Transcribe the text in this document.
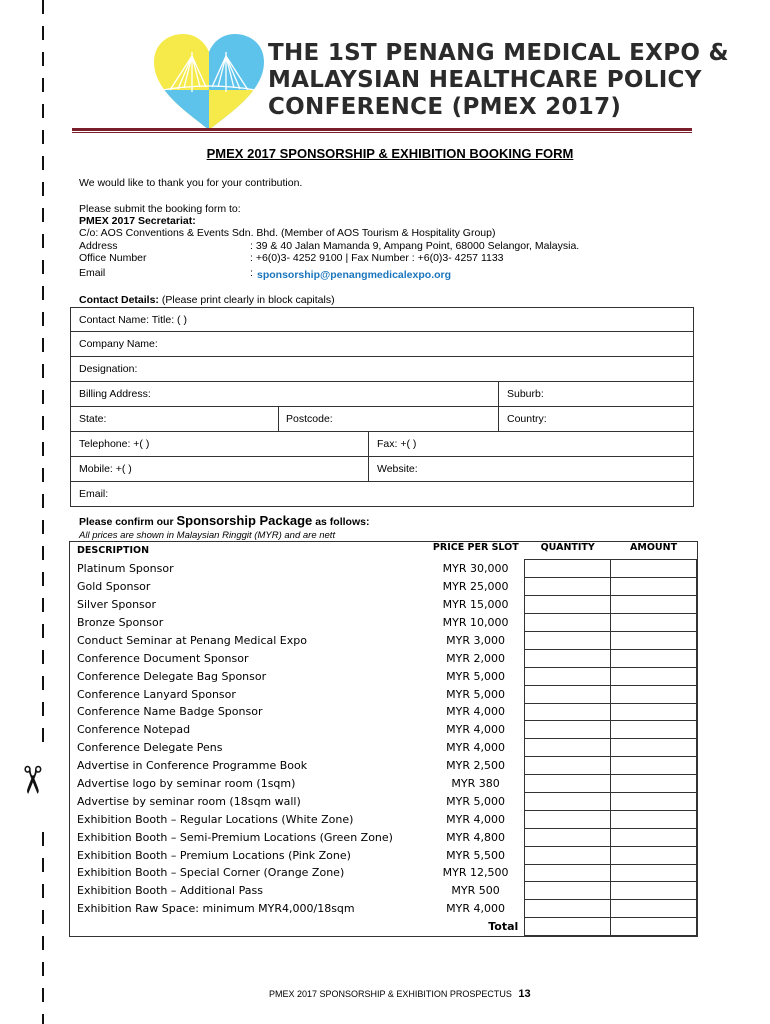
✂
THE 1ST PENANG MEDICAL EXPO &
MALAYSIAN HEALTHCARE POLICY
CONFERENCE (PMEX 2017)
PMEX 2017 SPONSORSHIP & EXHIBITION BOOKING FORM
We would like to thank you for your contribution.
Please submit the booking form to:
PMEX 2017 Secretariat:
C/o: AOS Conventions & Events Sdn. Bhd. (Member of AOS Tourism & Hospitality Group)
Address	: 39 & 40 Jalan Mamanda 9, Ampang Point, 68000 Selangor, Malaysia.
Office Number	: +6(0)3- 4252 9100 | Fax Number : +6(0)3- 4257 1133
Email	: sponsorship@penangmedicalexpo.org
Contact Details: (Please print clearly in block capitals)
Contact Name: Title: ( )
Company Name:
Designation:
Billing Address:	Suburb:
State:	Postcode:	Country:
Telephone: +( )	Fax: +( )
Mobile: +( )	Website:
Email:
Please confirm our Sponsorship Package as follows:
All prices are shown in Malaysian Ringgit (MYR) and are nett
DESCRIPTION	PRICE PER SLOT	QUANTITY	AMOUNT
Platinum Sponsor	MYR 30,000		
Gold Sponsor	MYR 25,000		
Silver Sponsor	MYR 15,000		
Bronze Sponsor	MYR 10,000		
Conduct Seminar at Penang Medical Expo	MYR 3,000		
Conference Document Sponsor	MYR 2,000		
Conference Delegate Bag Sponsor	MYR 5,000		
Conference Lanyard Sponsor	MYR 5,000		
Conference Name Badge Sponsor	MYR 4,000		
Conference Notepad	MYR 4,000		
Conference Delegate Pens	MYR 4,000		
Advertise in Conference Programme Book	MYR 2,500		
Advertise logo by seminar room (1sqm)	MYR 380		
Advertise by seminar room (18sqm wall)	MYR 5,000		
Exhibition Booth – Regular Locations (White Zone)	MYR 4,000		
Exhibition Booth – Semi-Premium Locations (Green Zone)	MYR 4,800		
Exhibition Booth – Premium Locations (Pink Zone)	MYR 5,500		
Exhibition Booth – Special Corner (Orange Zone)	MYR 12,500		
Exhibition Booth – Additional Pass	MYR 500		
Exhibition Raw Space: minimum MYR4,000/18sqm	MYR 4,000		
Total			
PMEX 2017 SPONSORSHIP & EXHIBITION PROSPECTUS 13
